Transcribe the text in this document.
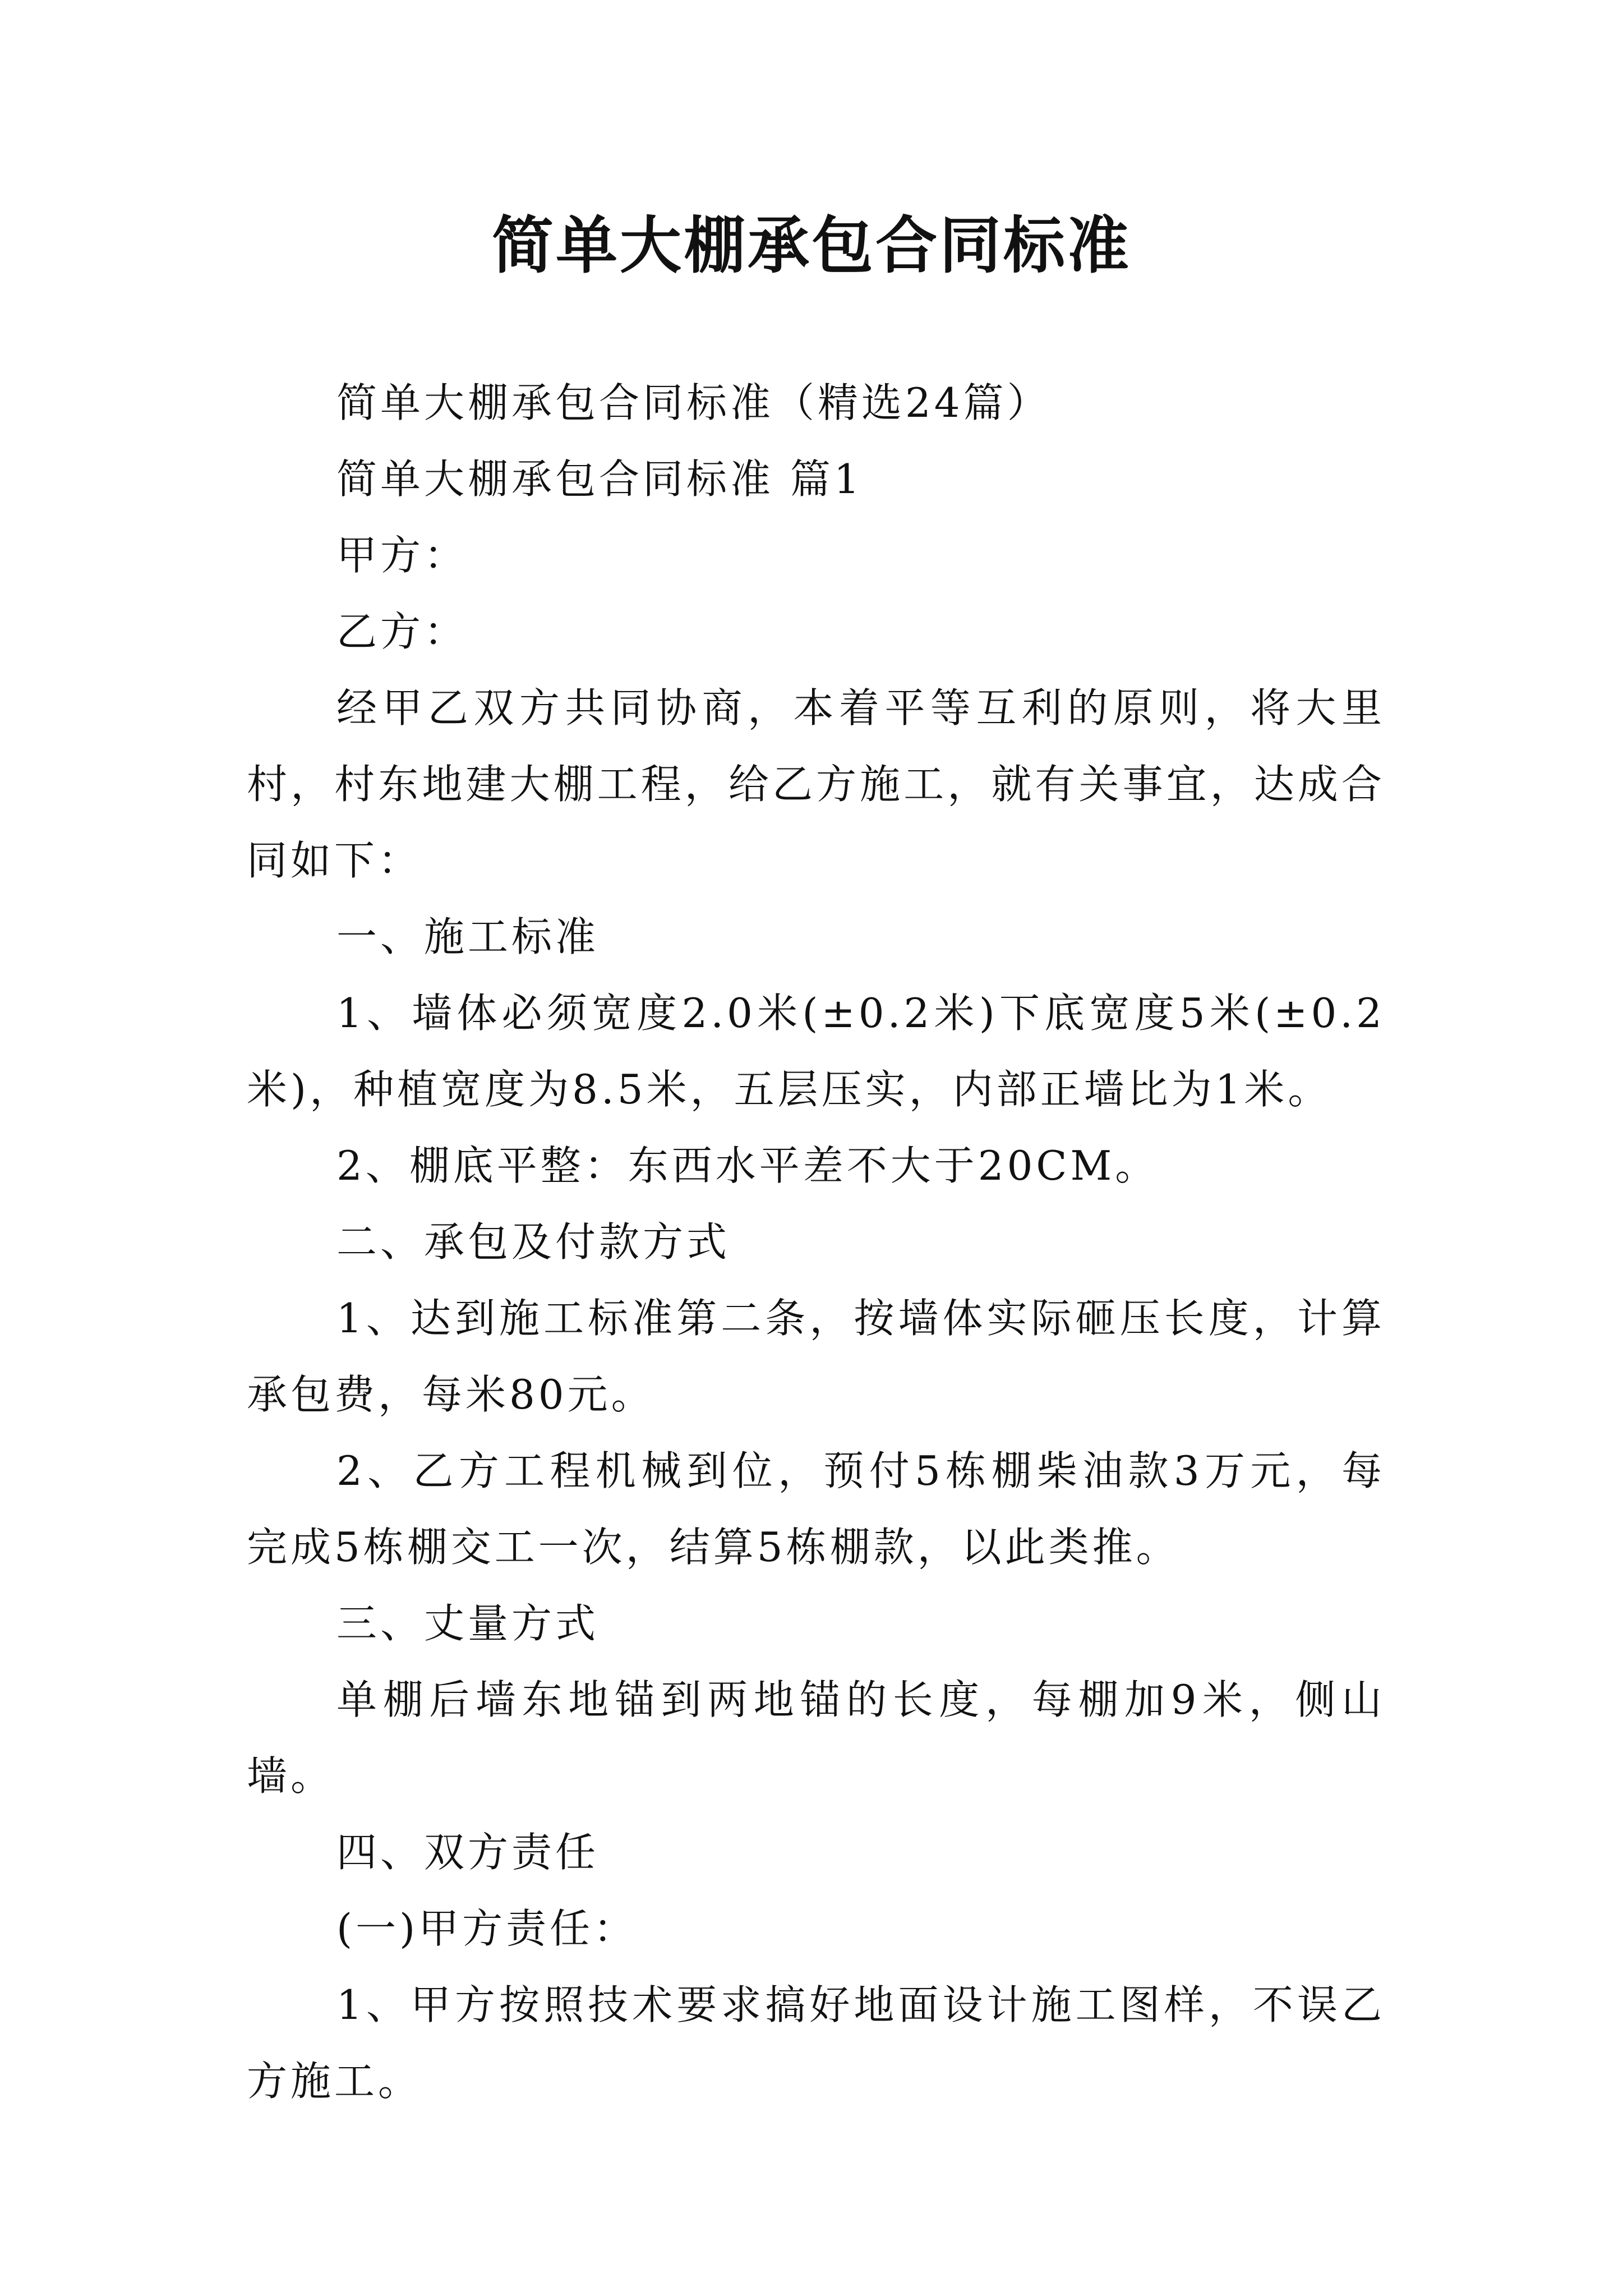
简单大棚承包合同标准

简单大棚承包合同标准（精选24篇）

简单大棚承包合同标准 篇1

甲方：

乙方：

经甲乙双方共同协商，本着平等互利的原则，将大里村，村东地建大棚工程，给乙方施工，就有关事宜，达成合同如下：

一、施工标准

1、墙体必须宽度2.0米(±0.2米)下底宽度5米(±0.2米)，种植宽度为8.5米，五层压实，内部正墙比为1米。

2、棚底平整：东西水平差不大于20CM。

二、承包及付款方式

1、达到施工标准第二条，按墙体实际砸压长度，计算承包费，每米80元。

2、乙方工程机械到位，预付5栋棚柴油款3万元，每完成5栋棚交工一次，结算5栋棚款，以此类推。

三、丈量方式

单棚后墙东地锚到两地锚的长度，每棚加9米，侧山墙。

四、双方责任

(一)甲方责任：

1、甲方按照技术要求搞好地面设计施工图样，不误乙方施工。
